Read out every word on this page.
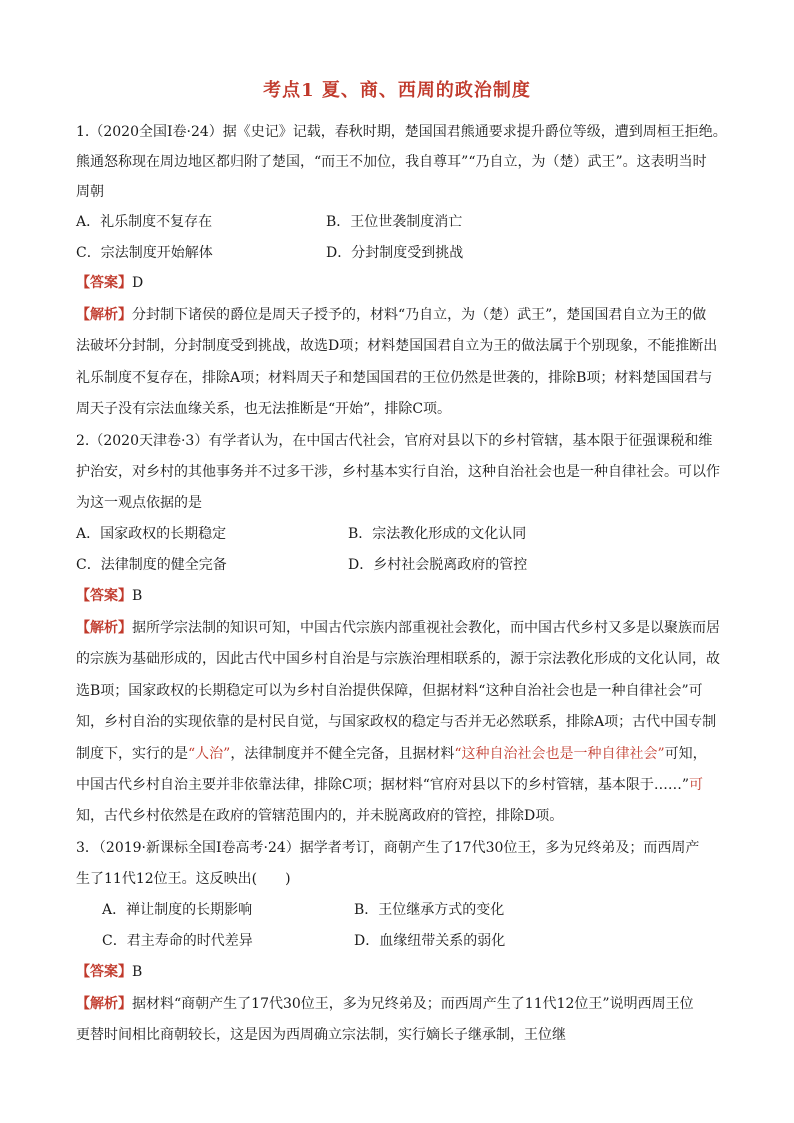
考点1 夏、商、西周的政治制度
1.（2020全国Ⅰ卷·24）据《史记》记载，春秋时期，楚国国君熊通要求提升爵位等级，遭到周桓王拒绝。
熊通怒称现在周边地区都归附了楚国，“而王不加位，我自尊耳”“乃自立，为（楚）武王”。这表明当时
周朝
A．礼乐制度不复存在	B．王位世袭制度消亡
C．宗法制度开始解体	D．分封制度受到挑战
【答案】D
【解析】分封制下诸侯的爵位是周天子授予的，材料“乃自立，为（楚）武王”，楚国国君自立为王的做
法破坏分封制，分封制度受到挑战，故选D项；材料楚国国君自立为王的做法属于个别现象，不能推断出
礼乐制度不复存在，排除A项；材料周天子和楚国国君的王位仍然是世袭的，排除B项；材料楚国国君与
周天子没有宗法血缘关系，也无法推断是“开始”，排除C项。
2.（2020天津卷·3）有学者认为，在中国古代社会，官府对县以下的乡村管辖，基本限于征强课税和维
护治安，对乡村的其他事务并不过多干涉，乡村基本实行自治，这种自治社会也是一种自律社会。可以作
为这一观点依据的是
A．国家政权的长期稳定	B．宗法教化形成的文化认同
C．法律制度的健全完备	D．乡村社会脱离政府的管控
【答案】B
【解析】据所学宗法制的知识可知，中国古代宗族内部重视社会教化，而中国古代乡村又多是以聚族而居
的宗族为基础形成的，因此古代中国乡村自治是与宗族治理相联系的，源于宗法教化形成的文化认同，故
选B项；国家政权的长期稳定可以为乡村自治提供保障，但据材料“这种自治社会也是一种自律社会”可
知，乡村自治的实现依靠的是村民自觉，与国家政权的稳定与否并无必然联系，排除A项；古代中国专制
制度下，实行的是“人治”，法律制度并不健全完备，且据材料“这种自治社会也是一种自律社会”可知，
中国古代乡村自治主要并非依靠法律，排除C项；据材料“官府对县以下的乡村管辖，基本限于……”可
知，古代乡村依然是在政府的管辖范围内的，并未脱离政府的管控，排除D项。
3．（2019·新课标全国Ⅰ卷高考·24）据学者考订，商朝产生了17代30位王，多为兄终弟及；而西周产
生了11代12位王。这反映出(　　)
A．禅让制度的长期影响	B．王位继承方式的变化
C．君主寿命的时代差异	D．血缘纽带关系的弱化
【答案】B
【解析】据材料“商朝产生了17代30位王，多为兄终弟及；而西周产生了11代12位王”说明西周王位
更替时间相比商朝较长，这是因为西周确立宗法制，实行嫡长子继承制，王位继
